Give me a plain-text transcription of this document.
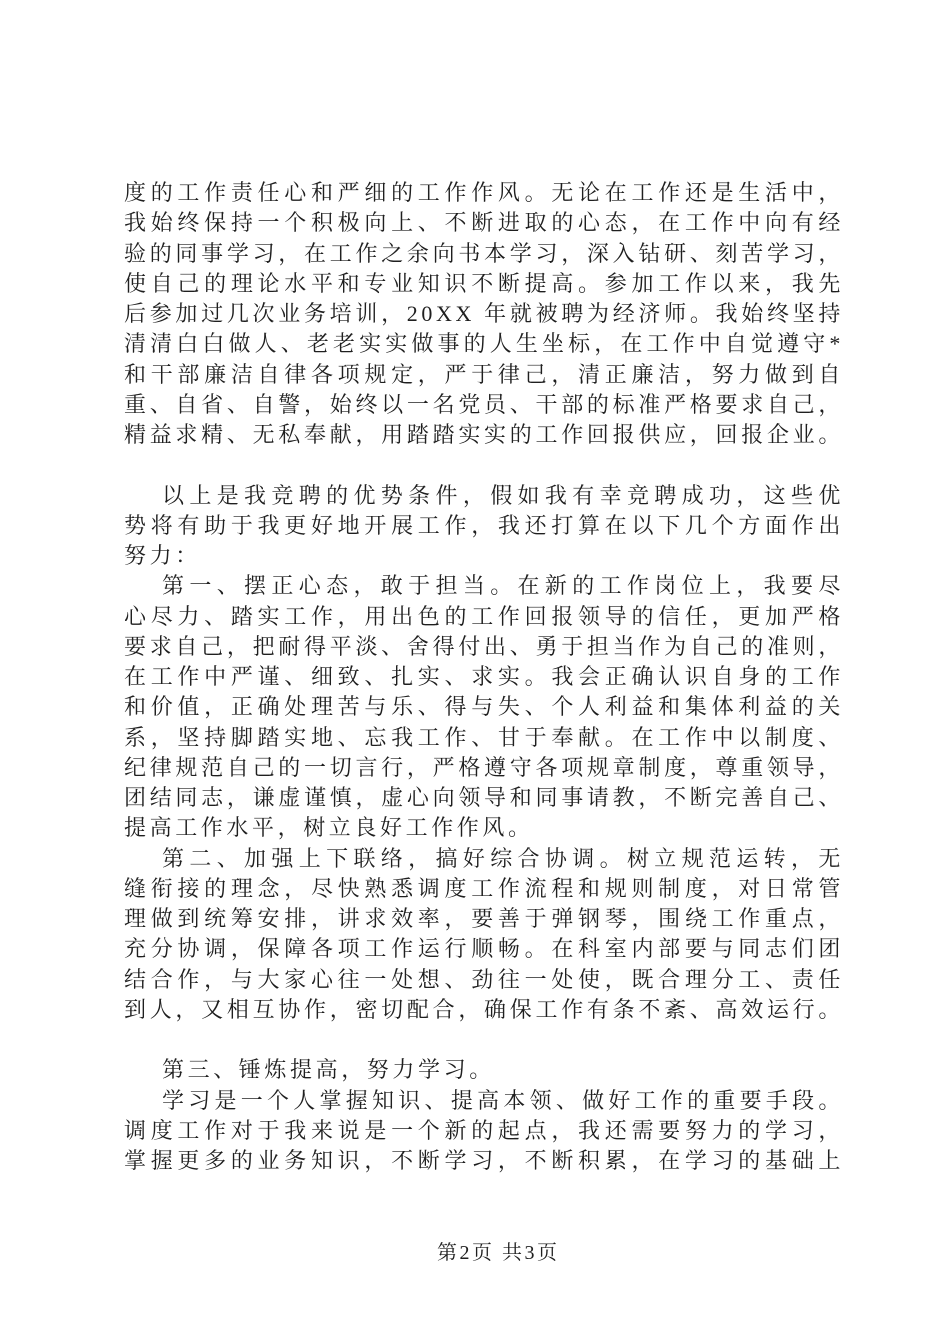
度的工作责任心和严细的工作作风。无论在工作还是生活中，
我始终保持一个积极向上、不断进取的心态，在工作中向有经
验的同事学习，在工作之余向书本学习，深入钻研、刻苦学习，
使自己的理论水平和专业知识不断提高。参加工作以来，我先
后参加过几次业务培训，20XX 年就被聘为经济师。我始终坚持
清清白白做人、老老实实做事的人生坐标，在工作中自觉遵守*
和干部廉洁自律各项规定，严于律己，清正廉洁，努力做到自
重、自省、自警，始终以一名党员、干部的标准严格要求自己，
精益求精、无私奉献，用踏踏实实的工作回报供应，回报企业。
以上是我竞聘的优势条件，假如我有幸竞聘成功，这些优
势将有助于我更好地开展工作，我还打算在以下几个方面作出
努力：
第一、摆正心态，敢于担当。在新的工作岗位上，我要尽
心尽力、踏实工作，用出色的工作回报领导的信任，更加严格
要求自己，把耐得平淡、舍得付出、勇于担当作为自己的准则，
在工作中严谨、细致、扎实、求实。我会正确认识自身的工作
和价值，正确处理苦与乐、得与失、个人利益和集体利益的关
系，坚持脚踏实地、忘我工作、甘于奉献。在工作中以制度、
纪律规范自己的一切言行，严格遵守各项规章制度，尊重领导，
团结同志，谦虚谨慎，虚心向领导和同事请教，不断完善自己、
提高工作水平，树立良好工作作风。
第二、加强上下联络，搞好综合协调。树立规范运转，无
缝衔接的理念，尽快熟悉调度工作流程和规则制度，对日常管
理做到统筹安排，讲求效率，要善于弹钢琴，围绕工作重点，
充分协调，保障各项工作运行顺畅。在科室内部要与同志们团
结合作，与大家心往一处想、劲往一处使，既合理分工、责任
到人，又相互协作，密切配合，确保工作有条不紊、高效运行。
第三、锤炼提高，努力学习。
学习是一个人掌握知识、提高本领、做好工作的重要手段。
调度工作对于我来说是一个新的起点，我还需要努力的学习，
掌握更多的业务知识，不断学习，不断积累，在学习的基础上
第2页 共3页
